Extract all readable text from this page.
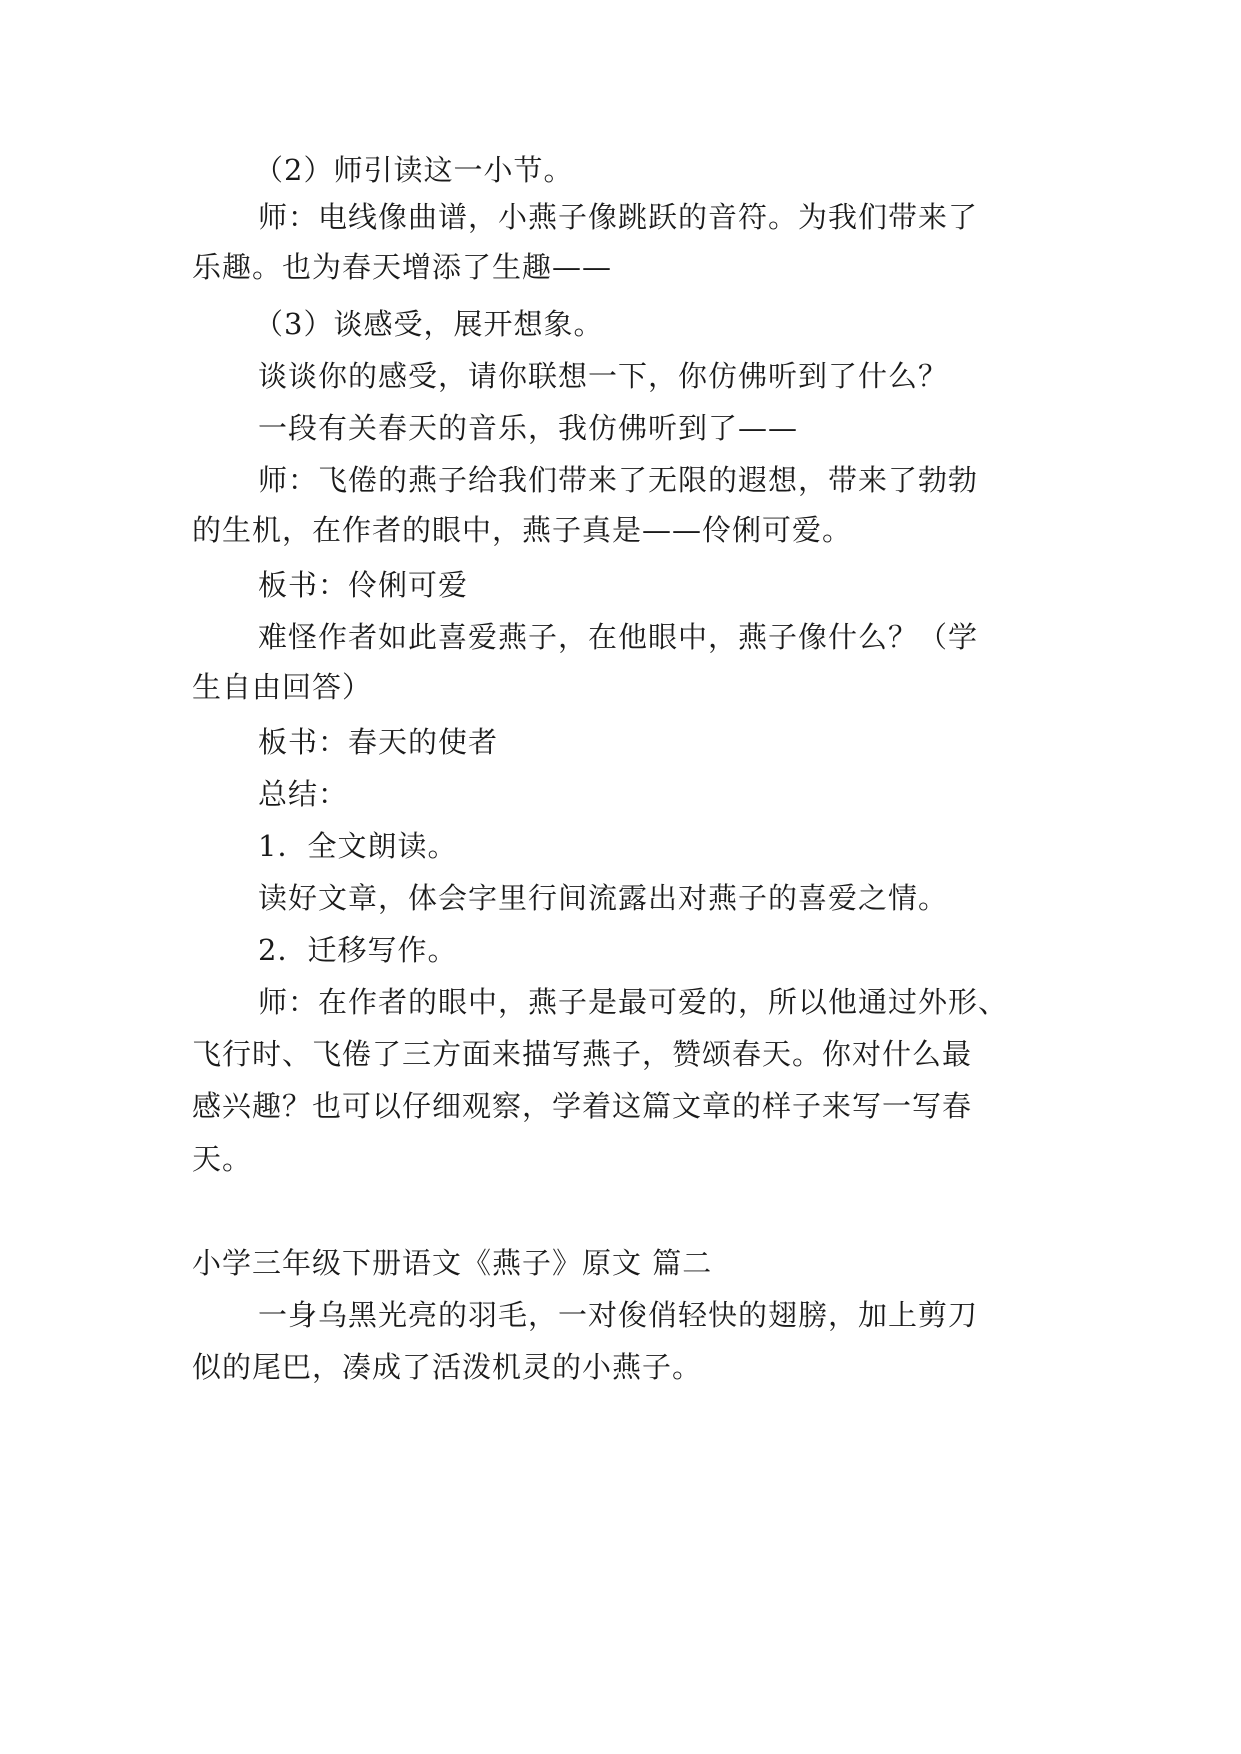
（2）师引读这一小节。
师：电线像曲谱，小燕子像跳跃的音符。为我们带来了
乐趣。也为春天增添了生趣——
（3）谈感受，展开想象。
谈谈你的感受，请你联想一下，你仿佛听到了什么？
一段有关春天的音乐，我仿佛听到了——
师：飞倦的燕子给我们带来了无限的遐想，带来了勃勃
的生机，在作者的眼中，燕子真是——伶俐可爱。
板书：伶俐可爱
难怪作者如此喜爱燕子，在他眼中，燕子像什么？（学
生自由回答）
板书：春天的使者
总结：
1．全文朗读。
读好文章，体会字里行间流露出对燕子的喜爱之情。
2．迁移写作。
师：在作者的眼中，燕子是最可爱的，所以他通过外形、
飞行时、飞倦了三方面来描写燕子，赞颂春天。你对什么最
感兴趣？也可以仔细观察，学着这篇文章的样子来写一写春
天。
小学三年级下册语文《燕子》原文 篇二
一身乌黑光亮的羽毛，一对俊俏轻快的翅膀，加上剪刀
似的尾巴，凑成了活泼机灵的小燕子。
